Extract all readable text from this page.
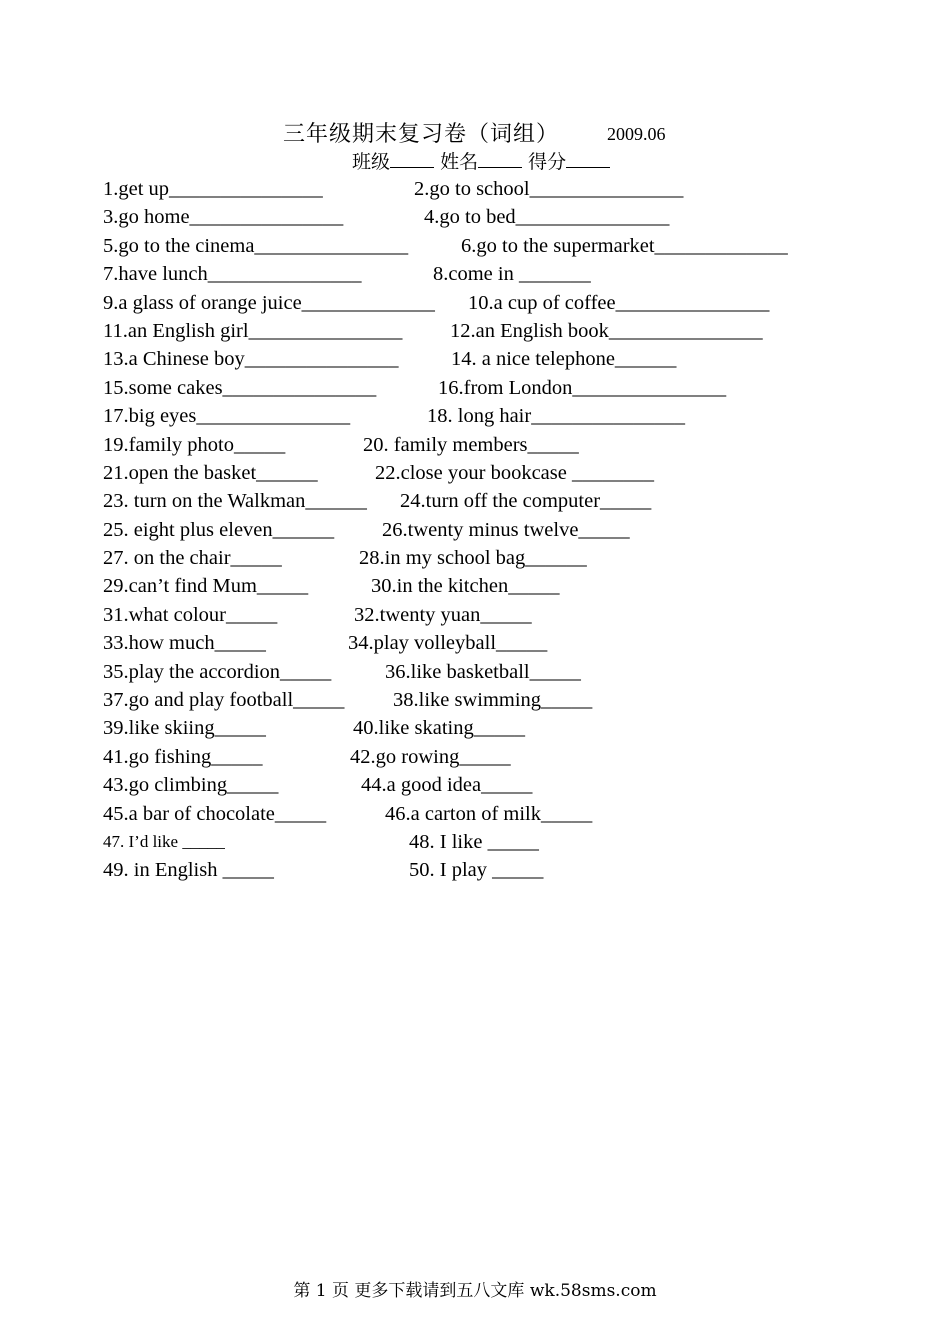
三年级期末复习卷（词组）	2009.06
班级	姓名	得分
1.get up_______________	2.go to school_______________
3.go home_______________	4.go to bed_______________
5.go to the cinema_______________	6.go to the supermarket_____________
7.have lunch_______________	8.come in _______
9.a glass of orange juice_____________ 10.a cup of coffee_______________
11.an English girl_______________ 12.an English book_______________
13.a Chinese boy_______________	14. a nice telephone______
15.some cakes_______________	16.from London_______________
17.big eyes_______________	18. long hair_______________
19.family photo_____	20. family members_____
21.open the basket______	22.close your bookcase ________
23. turn on the Walkman______ 24.turn off the computer_____
25. eight plus eleven______ 26.twenty minus twelve_____
27. on the chair_____	28.in my school bag______
29.can’t find Mum_____	30.in the kitchen_____
31.what colour_____	32.twenty yuan_____
33.how much_____	34.play volleyball_____
35.play the accordion_____	36.like basketball_____
37.go and play football_____ 38.like swimming_____
39.like skiing_____	40.like skating_____
41.go fishing_____	42.go rowing_____
43.go climbing_____	44.a good idea_____
45.a bar of chocolate_____	46.a carton of milk_____
47. I’d like _____	48. I like _____
49. in English _____	50. I play _____
第 1 页 更多下载请到五八文库 wk.58sms.com
